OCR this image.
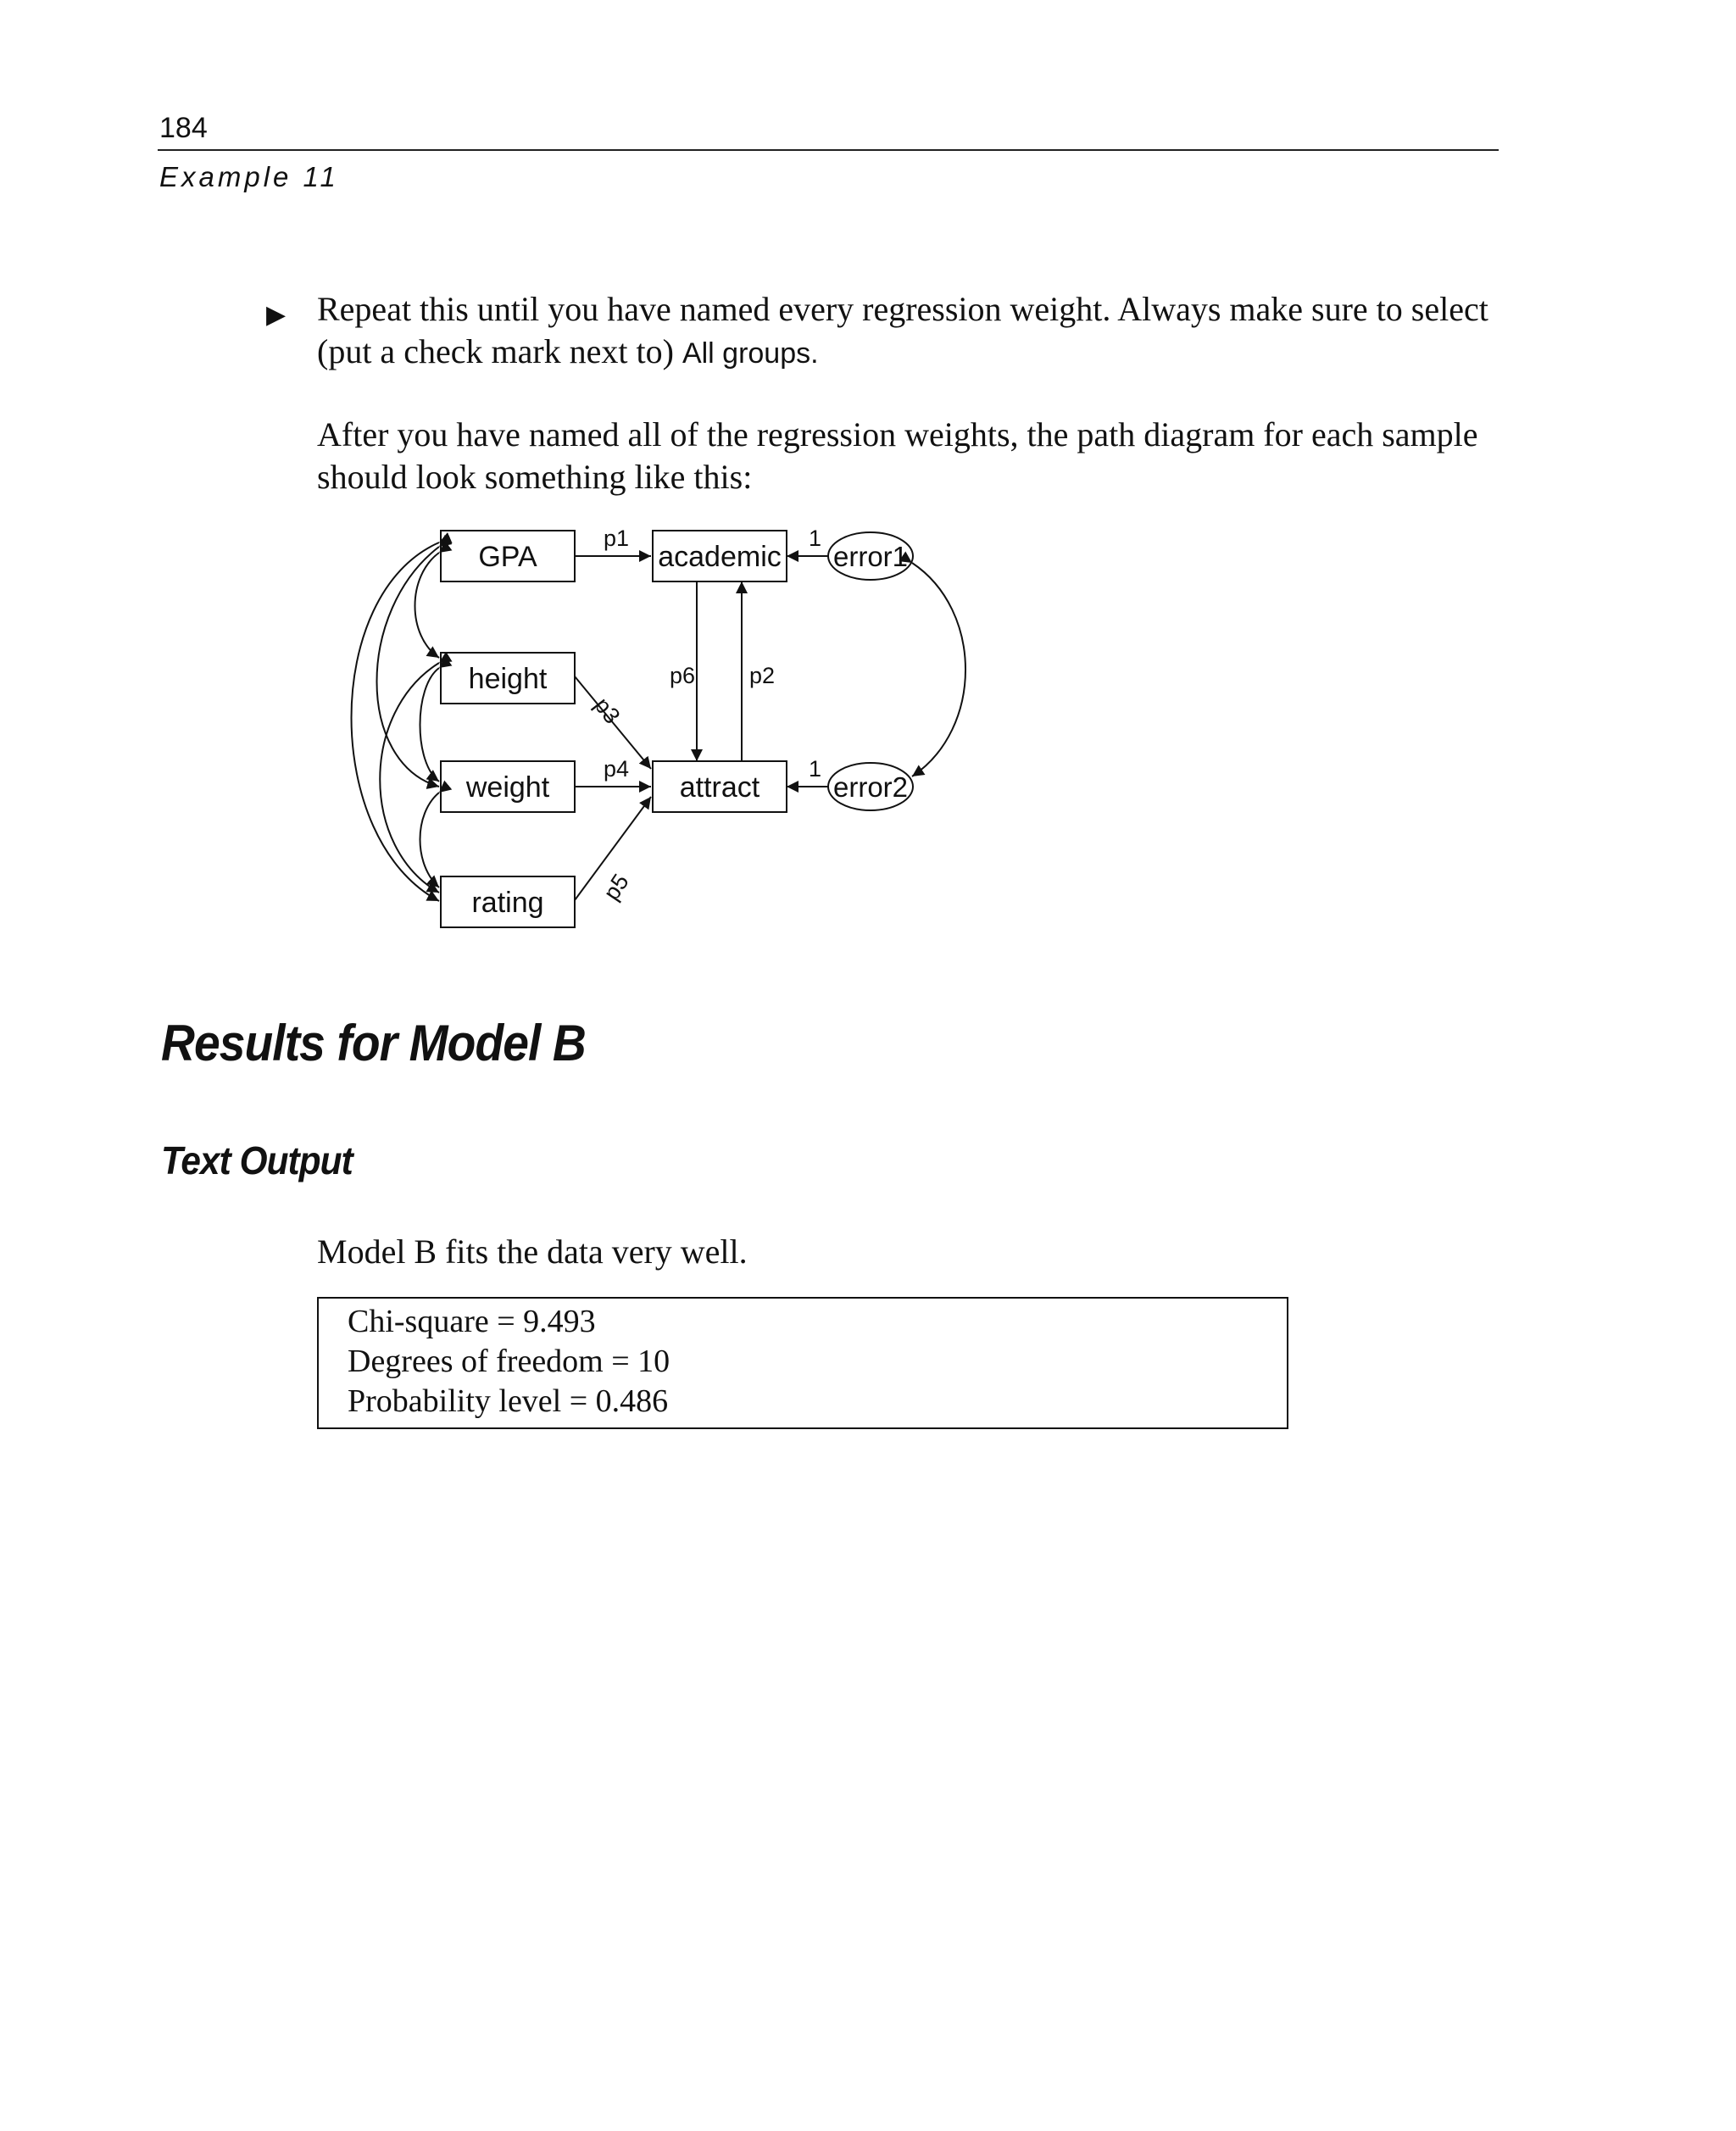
184
Example 11
▶ Repeat this until you have named every regression weight. Always make sure to select (put a check mark next to) All groups.
After you have named all of the regression weights, the path diagram for each sample should look something like this:
GPA
height
weight
rating
academic
attract
error1
error2
p1
p6 p2
p3
p4
p5
1
1
Results for Model B
Text Output
Model B fits the data very well.
Chi-square = 9.493
Degrees of freedom = 10
Probability level = 0.486
